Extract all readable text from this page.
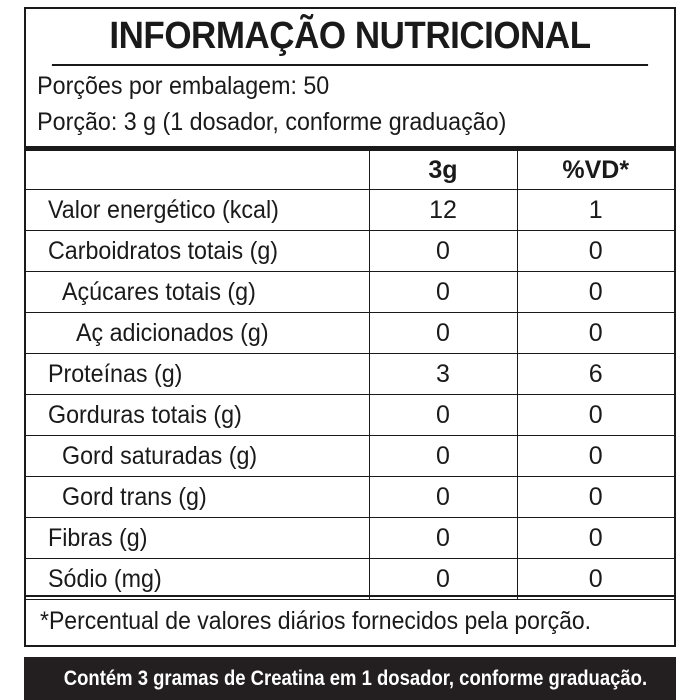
INFORMAÇÃO NUTRICIONAL
Porções por embalagem: 50
Porção: 3 g (1 dosador, conforme graduação)
	3g	%VD*
Valor energético (kcal)	12	1
Carboidratos totais (g)	0	0
Açúcares totais (g)	0	0
Aç adicionados (g)	0	0
Proteínas (g)	3	6
Gorduras totais (g)	0	0
Gord saturadas (g)	0	0
Gord trans (g)	0	0
Fibras (g)	0	0
Sódio (mg)	0	0
*Percentual de valores diários fornecidos pela porção.
Contém 3 gramas de Creatina em 1 dosador, conforme graduação.
